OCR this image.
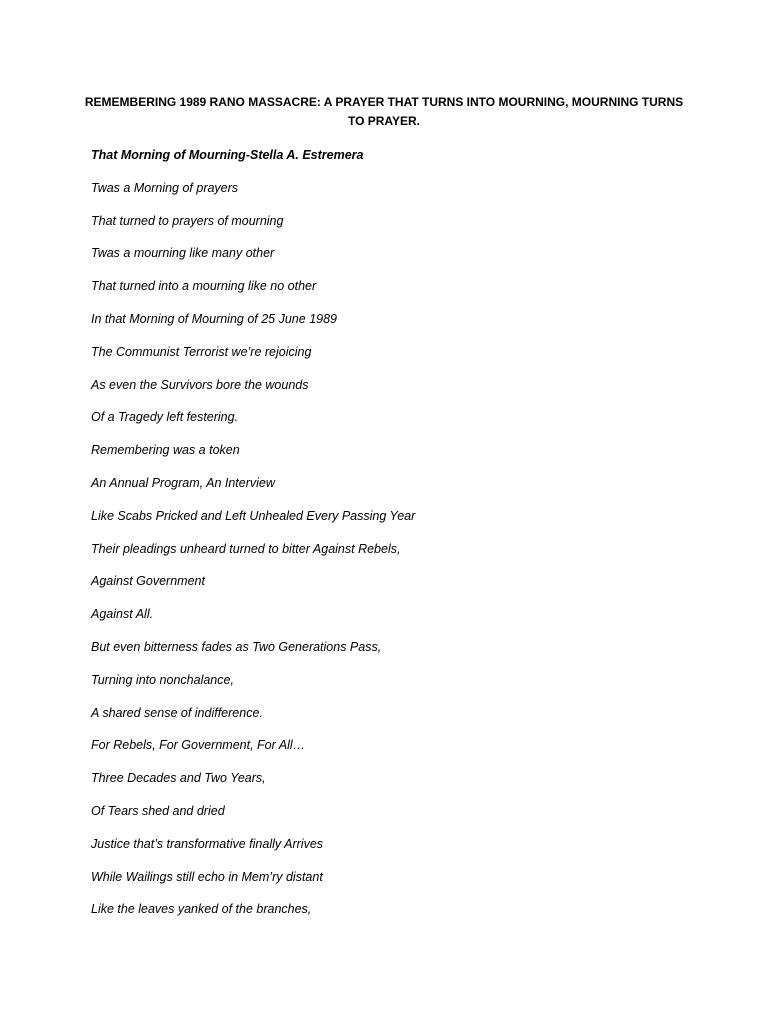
REMEMBERING 1989 RANO MASSACRE: A PRAYER THAT TURNS INTO MOURNING, MOURNING TURNS TO PRAYER.

That Morning of Mourning-Stella A. Estremera
Twas a Morning of prayers
That turned to prayers of mourning
Twas a mourning like many other
That turned into a mourning like no other
In that Morning of Mourning of 25 June 1989
The Communist Terrorist we’re rejoicing
As even the Survivors bore the wounds
Of a Tragedy left festering.
Remembering was a token
An Annual Program, An Interview
Like Scabs Pricked and Left Unhealed Every Passing Year
Their pleadings unheard turned to bitter Against Rebels,
Against Government
Against All.
But even bitterness fades as Two Generations Pass,
Turning into nonchalance,
A shared sense of indifference.
For Rebels, For Government, For All…
Three Decades and Two Years,
Of Tears shed and dried
Justice that’s transformative finally Arrives
While Wailings still echo in Mem’ry distant
Like the leaves yanked of the branches,
